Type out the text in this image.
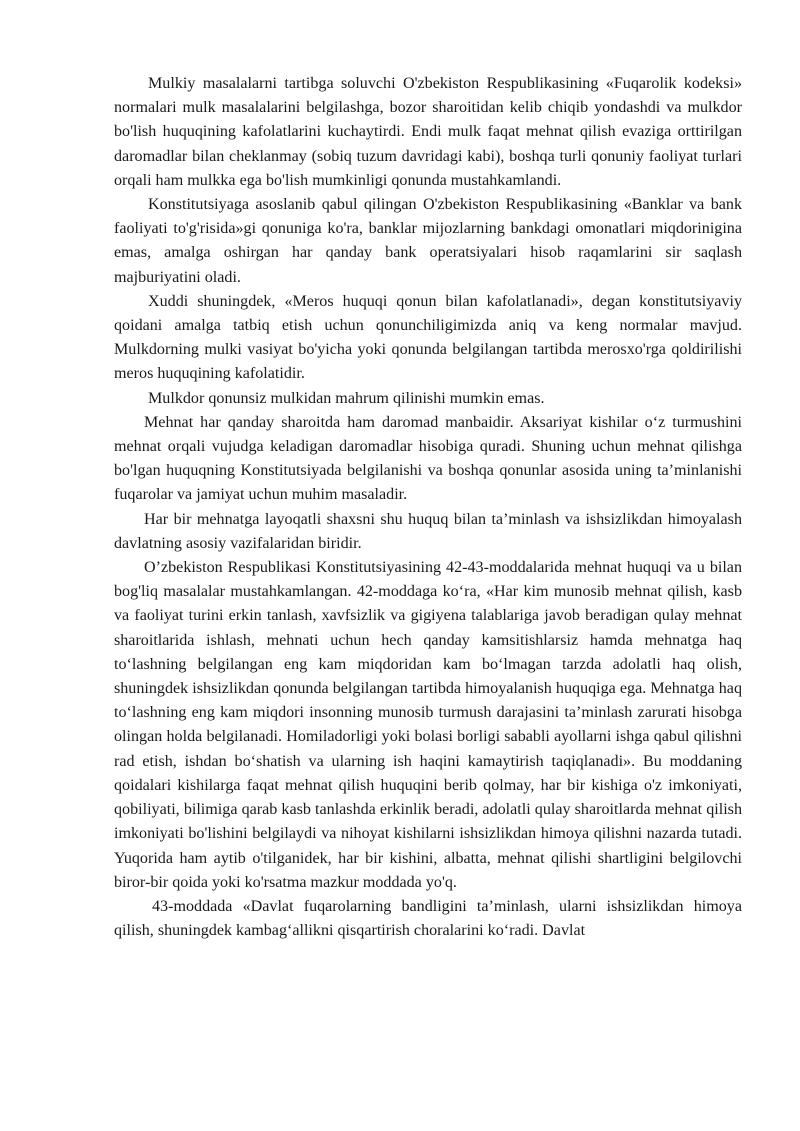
Mulkiy masalalarni tartibga soluvchi O'zbekiston Respublikasining «Fuqarolik kodeksi» normalari mulk masalalarini belgilashga, bozor sharoitidan kelib chiqib yondashdi va mulkdor bo'lish huquqining kafolatlarini kuchaytirdi. Endi mulk faqat mehnat qilish evaziga orttirilgan daromadlar bilan cheklanmay (sobiq tuzum davridagi kabi), boshqa turli qonuniy faoliyat turlari orqali ham mulkka ega bo'lish mumkinligi qonunda mustahkamlandi.

Konstitutsiyaga asoslanib qabul qilingan O'zbekiston Respublikasining «Banklar va bank faoliyati to'g'risida»gi qonuniga ko'ra, banklar mijozlarning bankdagi omonatlari miqdorinigina emas, amalga oshirgan har qanday bank operatsiyalari hisob raqamlarini sir saqlash majburiyatini oladi.

Xuddi shuningdek, «Meros huquqi qonun bilan kafolatlanadi», degan konstitutsiyaviy qoidani amalga tatbiq etish uchun qonunchiligimizda aniq va keng normalar mavjud. Mulkdorning mulki vasiyat bo'yicha yoki qonunda belgilangan tartibda merosxo'rga qoldirilishi meros huquqining kafolatidir.

Mulkdor qonunsiz mulkidan mahrum qilinishi mumkin emas.

Mehnat har qanday sharoitda ham daromad manbaidir. Aksariyat kishilar o‘z turmushini mehnat orqali vujudga keladigan daromadlar hisobiga quradi. Shuning uchun mehnat qilishga bo'lgan huquqning Konstitutsiyada belgilanishi va boshqa qonunlar asosida uning ta’minlanishi fuqarolar va jamiyat uchun muhim masaladir.

Har bir mehnatga layoqatli shaxsni shu huquq bilan ta’minlash va ishsizlikdan himoyalash davlatning asosiy vazifalaridan biridir.

O’zbekiston Respublikasi Konstitutsiyasining 42-43-moddalarida mehnat huquqi va u bilan bog'liq masalalar mustahkamlangan. 42-moddaga ko‘ra, «Har kim munosib mehnat qilish, kasb va faoliyat turini erkin tanlash, xavfsizlik va gigiyena talablariga javob beradigan qulay mehnat sharoitlarida ishlash, mehnati uchun hech qanday kamsitishlarsiz hamda mehnatga haq to‘lashning belgilangan eng kam miqdoridan kam bo‘lmagan tarzda adolatli haq olish, shuningdek ishsizlikdan qonunda belgilangan tartibda himoyalanish huquqiga ega. Mehnatga haq to‘lashning eng kam miqdori insonning munosib turmush darajasini ta’minlash zarurati hisobga olingan holda belgilanadi. Homiladorligi yoki bolasi borligi sababli ayollarni ishga qabul qilishni rad etish, ishdan bo‘shatish va ularning ish haqini kamaytirish taqiqlanadi». Bu moddaning qoidalari kishilarga faqat mehnat qilish huquqini berib qolmay, har bir kishiga o'z imkoniyati, qobiliyati, bilimiga qarab kasb tanlashda erkinlik beradi, adolatli qulay sharoitlarda mehnat qilish imkoniyati bo'lishini belgilaydi va nihoyat kishilarni ishsizlikdan himoya qilishni nazarda tutadi. Yuqorida ham aytib o'tilganidek, har bir kishini, albatta, mehnat qilishi shartligini belgilovchi biror-bir qoida yoki ko'rsatma mazkur moddada yo'q.

43-moddada «Davlat fuqarolarning bandligini ta’minlash, ularni ishsizlikdan himoya qilish, shuningdek kambag‘allikni qisqartirish choralarini ko‘radi. Davlat
